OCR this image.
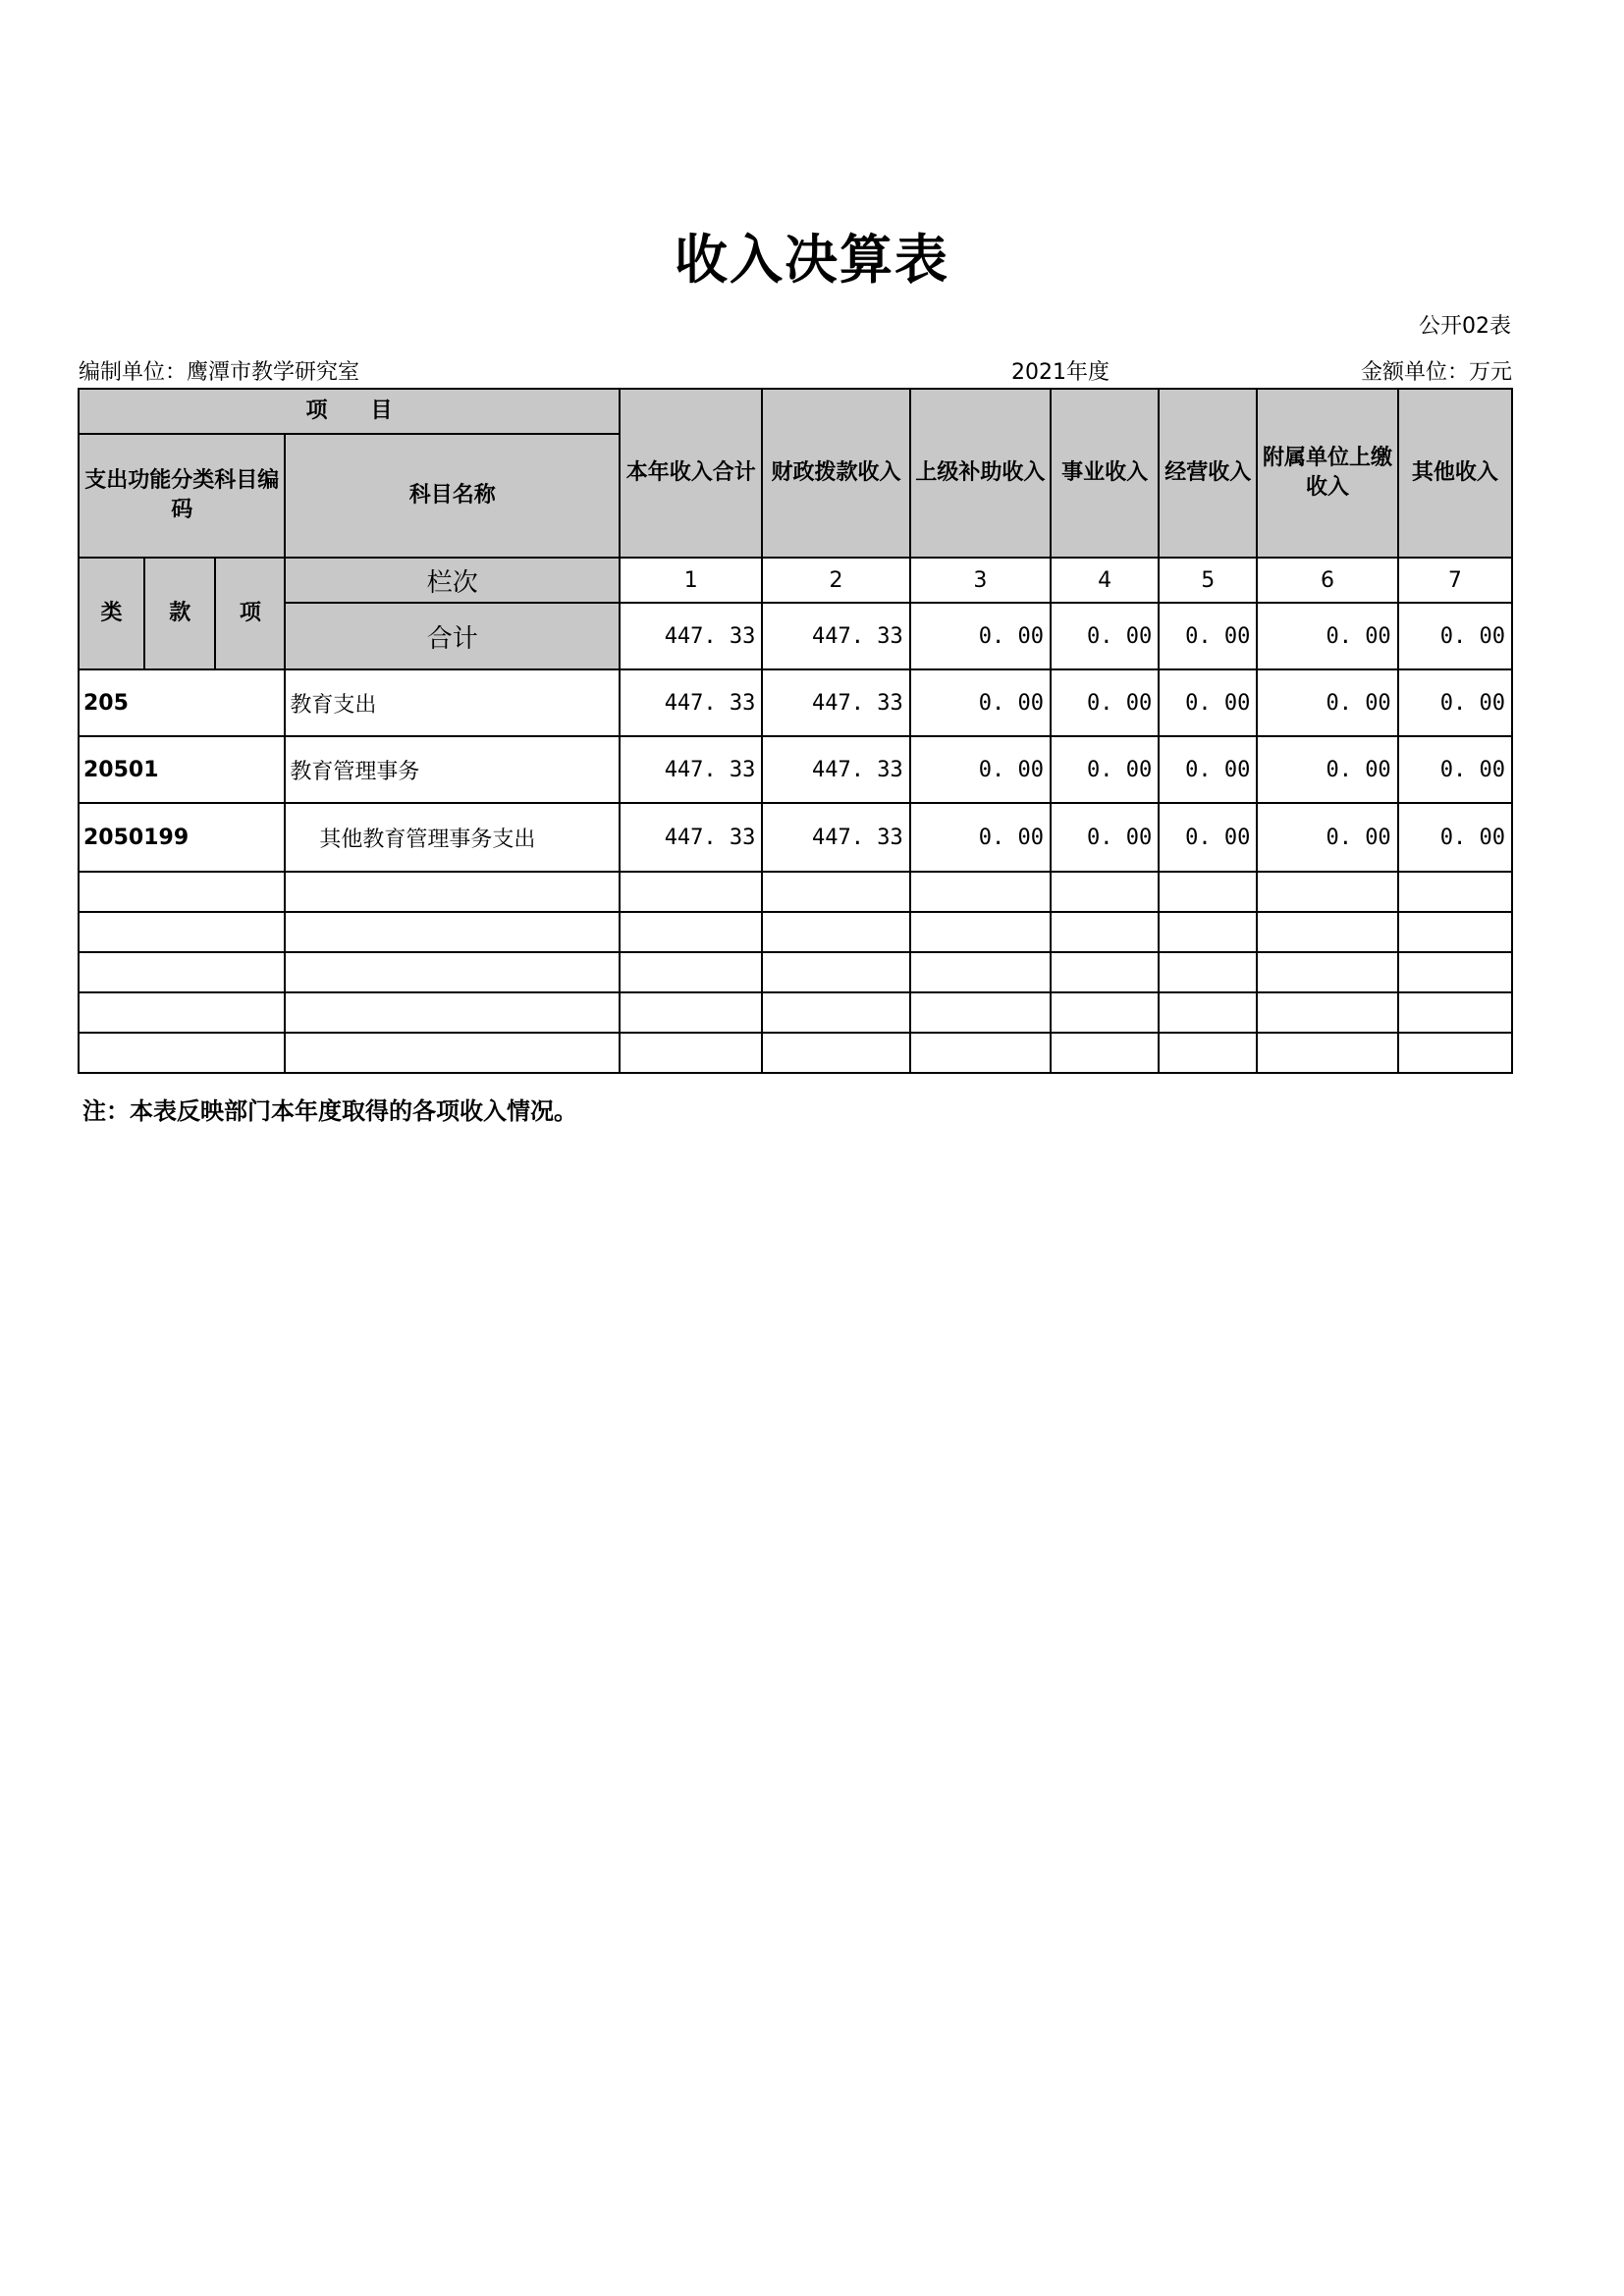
收入决算表
公开02表
编制单位：鹰潭市教学研究室	2021年度	金额单位：万元
项　　目				本年收入合计	财政拨款收入	上级补助收入	事业收入	经营收入	附属单位上缴收入	其他收入
支出功能分类科目编码			科目名称							
类	款	项	栏次	1	2	3	4	5	6	7
			合计	447. 33	447. 33	0. 00	0. 00	0. 00	0. 00	0. 00
205			教育支出	447. 33	447. 33	0. 00	0. 00	0. 00	0. 00	0. 00
20501			教育管理事务	447. 33	447. 33	0. 00	0. 00	0. 00	0. 00	0. 00
2050199			其他教育管理事务支出	447. 33	447. 33	0. 00	0. 00	0. 00	0. 00	0. 00

注：本表反映部门本年度取得的各项收入情况。
